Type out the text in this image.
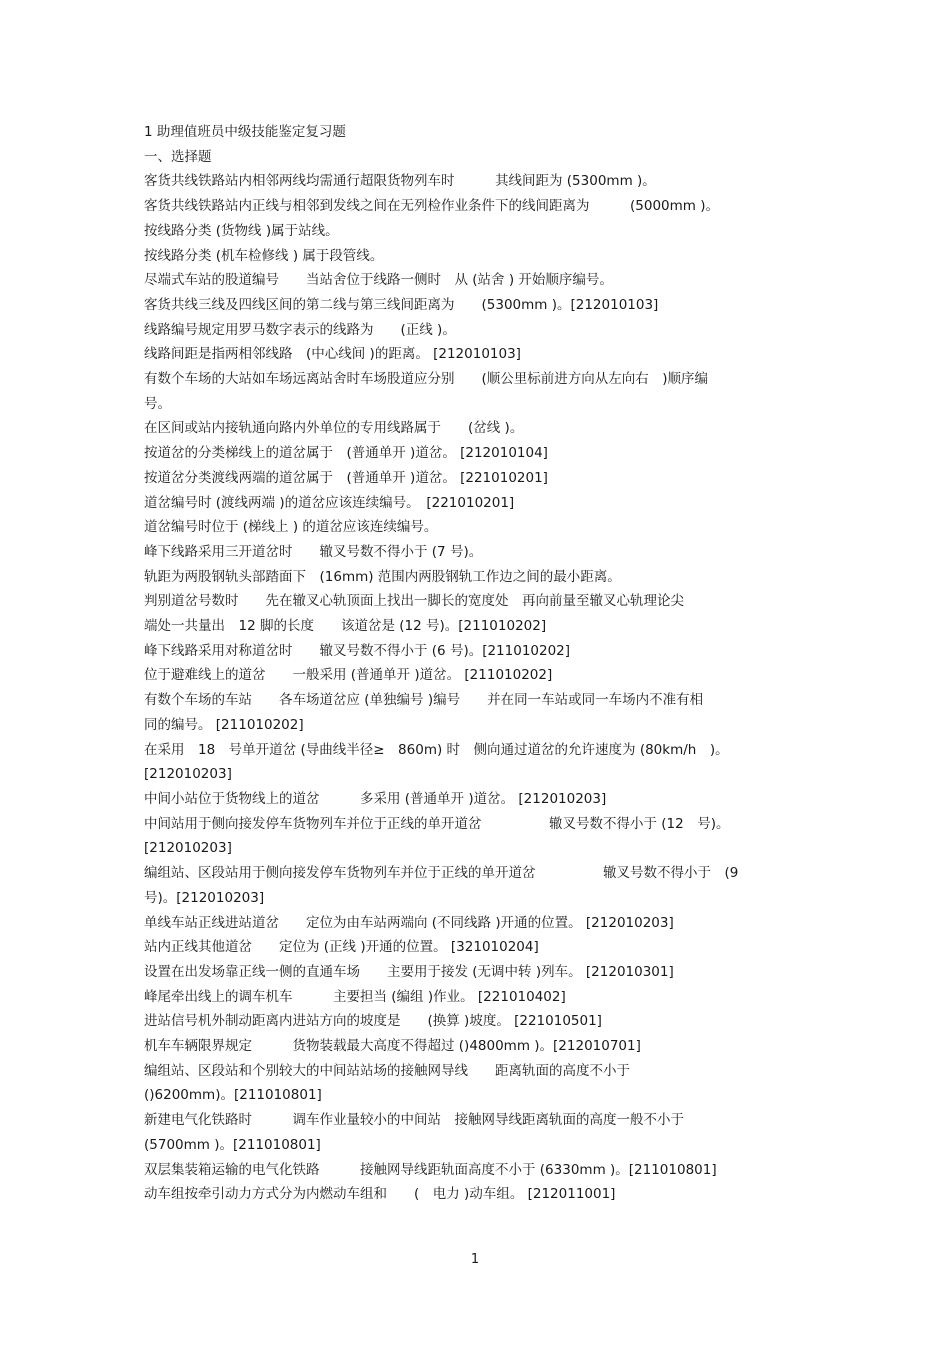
1 助理值班员中级技能鉴定复习题
一、选择题
客货共线铁路站内相邻两线均需通行超限货物列车时　　　其线间距为 (5300mm )。
客货共线铁路站内正线与相邻到发线之间在无列检作业条件下的线间距离为　　　(5000mm )。
按线路分类 (货物线 )属于站线。
按线路分类 (机车检修线 ) 属于段管线。
尽端式车站的股道编号　　当站舍位于线路一侧时　从 (站舍 ) 开始顺序编号。
客货共线三线及四线区间的第二线与第三线间距离为　　(5300mm )。[212010103]
线路编号规定用罗马数字表示的线路为　　(正线 )。
线路间距是指两相邻线路　(中心线间 )的距离。 [212010103]
有数个车场的大站如车场远离站舍时车场股道应分别　　(顺公里标前进方向从左向右　)顺序编
号。
在区间或站内接轨通向路内外单位的专用线路属于　　(岔线 )。
按道岔的分类梯线上的道岔属于　(普通单开 )道岔。 [212010104]
按道岔分类渡线两端的道岔属于　(普通单开 )道岔。 [221010201]
道岔编号时 (渡线两端 )的道岔应该连续编号。　[221010201]
道岔编号时位于 (梯线上 ) 的道岔应该连续编号。
峰下线路采用三开道岔时　　辙叉号数不得小于 (7 号)。
轨距为两股钢轨头部踏面下　(16mm) 范围内两股钢轨工作边之间的最小距离。
判别道岔号数时　　先在辙叉心轨顶面上找出一脚长的宽度处　再向前量至辙叉心轨理论尖
端处一共量出　12 脚的长度　　该道岔是 (12 号)。[211010202]
峰下线路采用对称道岔时　　辙叉号数不得小于 (6 号)。[211010202]
位于避难线上的道岔　　一般采用 (普通单开 )道岔。 [211010202]
有数个车场的车站　　各车场道岔应 (单独编号 )编号　　并在同一车站或同一车场内不准有相
同的编号。 [211010202]
在采用　18　号单开道岔 (导曲线半径≥　860m) 时　侧向通过道岔的允许速度为 (80km/h　)。
[212010203]
中间小站位于货物线上的道岔　　　多采用 (普通单开 )道岔。 [212010203]
中间站用于侧向接发停车货物列车并位于正线的单开道岔　　　　　辙叉号数不得小于 (12　号)。
[212010203]
编组站、区段站用于侧向接发停车货物列车并位于正线的单开道岔　　　　　辙叉号数不得小于　(9
号)。[212010203]
单线车站正线进站道岔　　定位为由车站两端向 (不同线路 )开通的位置。 [212010203]
站内正线其他道岔　　定位为 (正线 )开通的位置。 [321010204]
设置在出发场靠正线一侧的直通车场　　主要用于接发 (无调中转 )列车。 [212010301]
峰尾牵出线上的调车机车　　　主要担当 (编组 )作业。 [221010402]
进站信号机外制动距离内进站方向的坡度是　　(换算 )坡度。 [221010501]
机车车辆限界规定　　　货物装载最大高度不得超过 ()4800mm )。[212010701]
编组站、区段站和个别较大的中间站站场的接触网导线　　距离轨面的高度不小于
()6200mm)。[211010801]
新建电气化铁路时　　　调车作业量较小的中间站　接触网导线距离轨面的高度一般不小于
(5700mm )。[211010801]
双层集装箱运输的电气化铁路　　　接触网导线距轨面高度不小于 (6330mm )。[211010801]
动车组按牵引动力方式分为内燃动车组和　　(　电力 )动车组。 [212011001]
1
